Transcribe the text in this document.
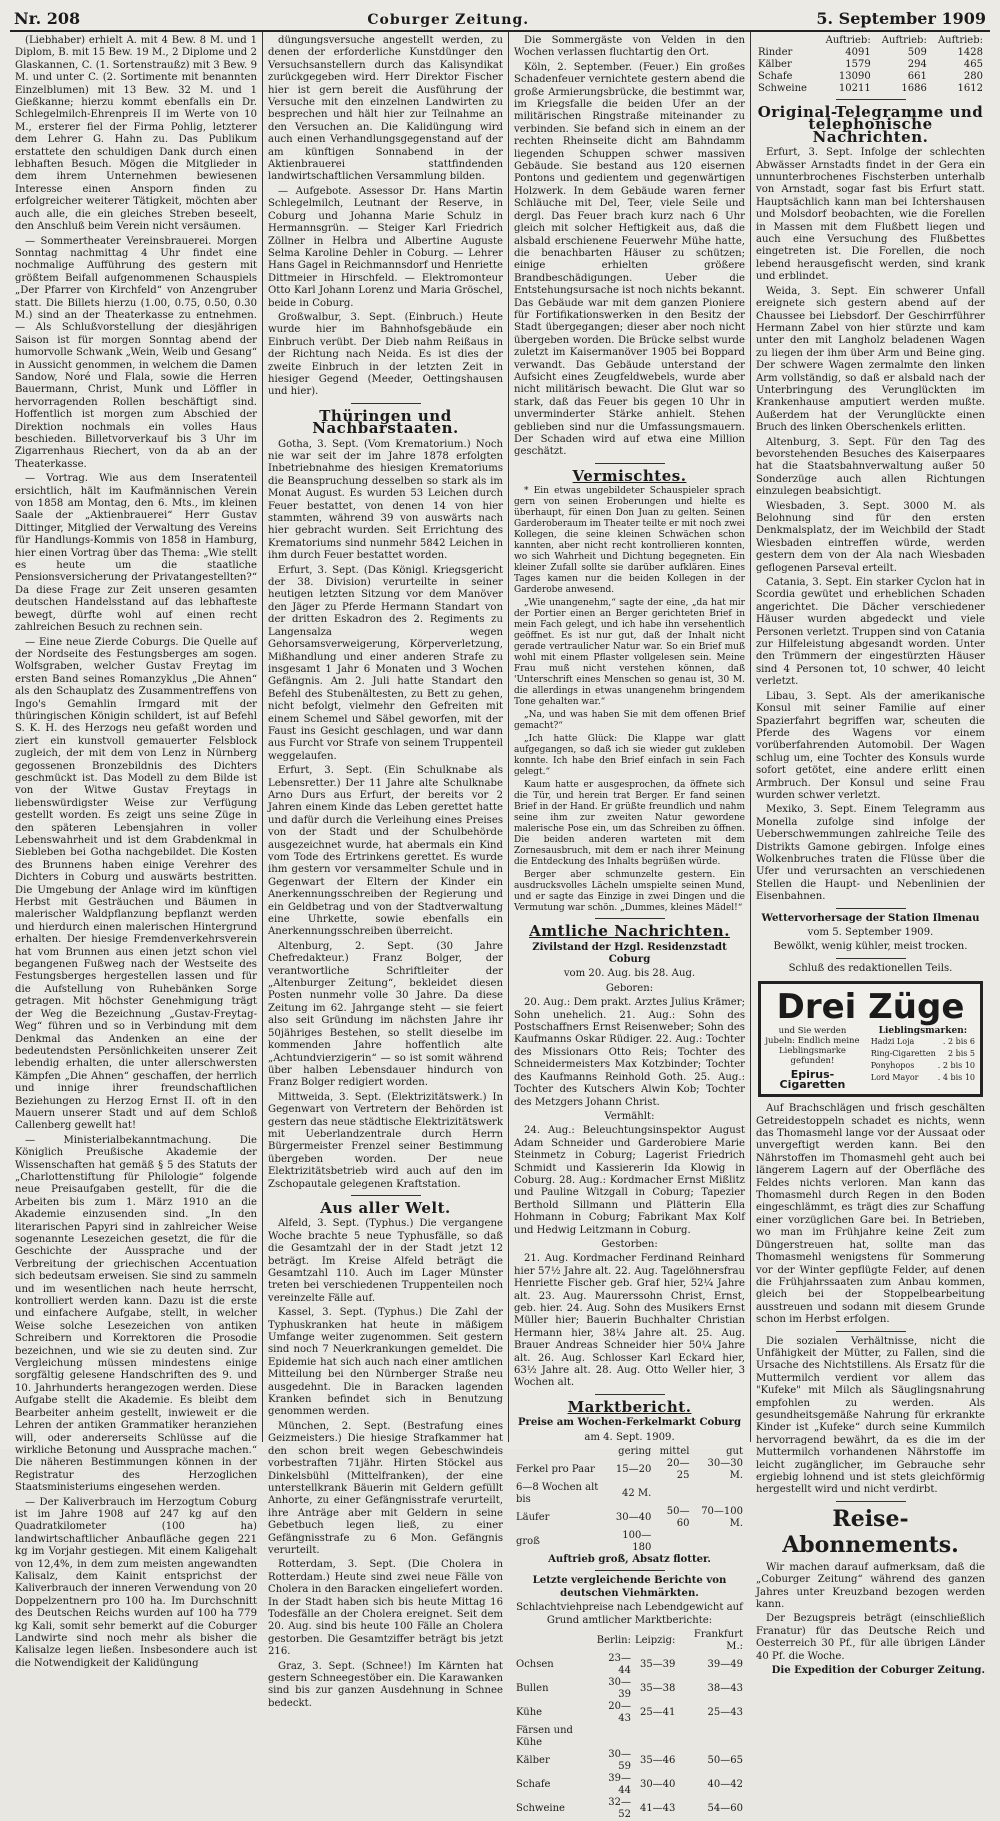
Nr. 208	Coburger Zeitung.	5. September 1909

(Liebhaber) erhielt A. mit 4 Bew. 8 M. und 1 Diplom, B. mit 15 Bew. 19 M., 2 Diplome und 2 Glaskannen, C. (1. Sortenstraußz) mit 3 Bew. 9 M. und unter C. (2. Sortimente mit benannten Einzelblumen) mit 13 Bew. 32 M. und 1 Gießkanne; hierzu kommt ebenfalls ein Dr. Schlegelmilch-Ehrenpreis II im Werte von 10 M., ersterer fiel der Firma Pohlig, letzterer dem Lehrer G. Hahn zu. Das Publikum erstattete den schuldigen Dank durch einen lebhaften Besuch. Mögen die Mitglieder in dem ihrem Unternehmen bewiesenen Interesse einen Ansporn finden zu erfolgreicher weiterer Tätigkeit, möchten aber auch alle, die ein gleiches Streben beseelt, den Anschluß beim Verein nicht versäumen.

— Sommertheater Vereinsbrauerei. Morgen Sonntag nachmittag 4 Uhr findet eine nochmalige Aufführung des gestern mit größtem Beifall aufgenommenen Schauspiels „Der Pfarrer von Kirchfeld“ von Anzengruber statt. Die Billets hierzu (1.00, 0.75, 0.50, 0.30 M.) sind an der Theaterkasse zu entnehmen. — Als Schlußvorstellung der diesjährigen Saison ist für morgen Sonntag abend der humorvolle Schwank „Wein, Weib und Gesang“ in Aussicht genommen, in welchem die Damen Sandow, Noré und Flala, sowie die Herren Bauermann, Christ, Munk und Löffler in hervorragenden Rollen beschäftigt sind. Hoffentlich ist morgen zum Abschied der Direktion nochmals ein volles Haus beschieden. Billetvorverkauf bis 3 Uhr im Zigarrenhaus Riechert, von da ab an der Theaterkasse.

— Vortrag. Wie aus dem Inseratenteil ersichtlich, hält im Kaufmännischen Verein von 1858 am Montag, den 6. Mts., im kleinen Saale der „Aktienbrauerei“ Herr Gustav Dittinger, Mitglied der Verwaltung des Vereins für Handlungs-Kommis von 1858 in Hamburg, hier einen Vortrag über das Thema: „Wie stellt es heute um die staatliche Pensionsversicherung der Privatangestellten?“ Da diese Frage zur Zeit unseren gesamten deutschen Handelsstand auf das lebhafteste bewegt, dürfte wohl auf einen recht zahlreichen Besuch zu rechnen sein.

— Eine neue Zierde Coburgs. Die Quelle auf der Nordseite des Festungsberges am sogen. Wolfsgraben, welcher Gustav Freytag im ersten Band seines Romanzyklus „Die Ahnen“ als den Schauplatz des Zusammentreffens von Ingo's Gemahlin Irmgard mit der thüringischen Königin schildert, ist auf Befehl S. K. H. des Herzogs neu gefaßt worden und ziert ein kunstvoll gemauerter Felsblock zugleich, der mit dem von Lenz in Nürnberg gegossenen Bronzebildnis des Dichters geschmückt ist. Das Modell zu dem Bilde ist von der Witwe Gustav Freytags in liebenswürdigster Weise zur Verfügung gestellt worden. Es zeigt uns seine Züge in den späteren Lebensjahren in voller Lebenswahrheit und ist dem Grabdenkmal in Siebleben bei Gotha nachgebildet. Die Kosten des Brunnens haben einige Verehrer des Dichters in Coburg und auswärts bestritten. Die Umgebung der Anlage wird im künftigen Herbst mit Gesträuchen und Bäumen in malerischer Waldpflanzung bepflanzt werden und hierdurch einen malerischen Hintergrund erhalten. Der hiesige Fremdenverkehrsverein hat vom Brunnen aus einen jetzt schon viel begangenen Fußweg nach der Westseite des Festungsberges hergestellen lassen und für die Aufstellung von Ruhebänken Sorge getragen. Mit höchster Genehmigung trägt der Weg die Bezeichnung „Gustav-Freytag-Weg“ führen und so in Verbindung mit dem Denkmal das Andenken an eine der bedeutendsten Persönlichkeiten unserer Zeit lebendig erhalten, die unter allerschwersten Kämpfen „Die Ahnen“ geschaffen, der herrlich und innige ihrer freundschaftlichen Beziehungen zu Herzog Ernst II. oft in den Mauern unserer Stadt und auf dem Schloß Callenberg gewellt hat!

— Ministerialbekanntmachung. Die Königlich Preußische Akademie der Wissenschaften hat gemäß § 5 des Statuts der „Charlottenstiftung für Philologie“ folgende neue Preisaufgaben gestellt, für die die Arbeiten bis zum 1. März 1910 an die Akademie einzusenden sind. „In den literarischen Papyri sind in zahlreicher Weise sogenannte Lesezeichen gesetzt, die für die Geschichte der Aussprache und der Verbreitung der griechischen Accentuation sich bedeutsam erweisen. Sie sind zu sammeln und im wesentlichen nach heute herrscht, kontrolliert werden kann. Dazu ist die erste und einfachere Aufgabe, stellt, in welcher Weise solche Lesezeichen von antiken Schreibern und Korrektoren die Prosodie bezeichnen, und wie sie zu deuten sind. Zur Vergleichung müssen mindestens einige sorgfältig gelesene Handschriften des 9. und 10. Jahrhunderts herangezogen werden. Diese Aufgabe stellt die Akademie. Es bleibt dem Bearbeiter anheim gestellt, inwieweit er die Lehren der antiken Grammatiker heranziehen will, oder andererseits Schlüsse auf die wirkliche Betonung und Aussprache machen.“ Die näheren Bestimmungen können in der Registratur des Herzoglichen Staatsministeriums eingesehen werden.

— Der Kaliverbrauch im Herzogtum Coburg ist im Jahre 1908 auf 247 kg auf den Quadratkilometer (100 ha) landwirtschaftlicher Anbaufläche gegen 221 kg im Vorjahr gestiegen. Mit einem Kaligehalt von 12,4%, in dem zum meisten angewandten Kalisalz, dem Kainit entsprichst der Kaliverbrauch der inneren Verwendung von 20 Doppelzentnern pro 100 ha. Im Durchschnitt des Deutschen Reichs wurden auf 100 ha 779 kg Kali, somit sehr bemerkt auf die Coburger Landwirte sind noch mehr als bisher die Kalisalze legen ließen. Insbesondere auch ist die Notwendigkeit der Kalidüngung

düngungsversuche angestellt werden, zu denen der erforderliche Kunstdünger den Versuchsanstellern durch das Kalisyndikat zurückgegeben wird. Herr Direktor Fischer hier ist gern bereit die Ausführung der Versuche mit den einzelnen Landwirten zu besprechen und hält hier zur Teilnahme an den Versuchen an. Die Kalidüngung wird auch einen Verhandlungsgegenstand auf der am künftigen Sonnabend in der Aktienbrauerei stattfindenden landwirtschaftlichen Versammlung bilden.

— Aufgebote. Assessor Dr. Hans Martin Schlegelmilch, Leutnant der Reserve, in Coburg und Johanna Marie Schulz in Hermannsgrün. — Steiger Karl Friedrich Zöllner in Helbra und Albertine Auguste Selma Karoline Dehler in Coburg. — Lehrer Hans Gagel in Reichmannsdorf und Henriette Dittmeier in Hirschfeld. — Elektromonteur Otto Karl Johann Lorenz und Maria Gröschel, beide in Coburg.

Großwalbur, 3. Sept. (Einbruch.) Heute wurde hier im Bahnhofsgebäude ein Einbruch verübt. Der Dieb nahm Reißaus in der Richtung nach Neida. Es ist dies der zweite Einbruch in der letzten Zeit in hiesiger Gegend (Meeder, Oettingshausen und hier).

Thüringen und Nachbarstaaten.

Gotha, 3. Sept. (Vom Krematorium.) Noch nie war seit der im Jahre 1878 erfolgten Inbetriebnahme des hiesigen Krematoriums die Beanspruchung desselben so stark als im Monat August. Es wurden 53 Leichen durch Feuer bestattet, von denen 14 von hier stammten, während 39 von auswärts nach hier gebracht wurden. Seit Errichtung des Krematoriums sind nunmehr 5842 Leichen in ihm durch Feuer bestattet worden.

Erfurt, 3. Sept. (Das Königl. Kriegsgericht der 38. Division) verurteilte in seiner heutigen letzten Sitzung vor dem Manöver den Jäger zu Pferde Hermann Standart von der dritten Eskadron des 2. Regiments zu Langensalza wegen Gehorsamsverweigerung, Körperverletzung, Mißhandlung und einer anderen Strafe zu insgesamt 1 Jahr 6 Monaten und 3 Wochen Gefängnis. Am 2. Juli hatte Standart den Befehl des Stubenältesten, zu Bett zu gehen, nicht befolgt, vielmehr den Gefreiten mit einem Schemel und Säbel geworfen, mit der Faust ins Gesicht geschlagen, und war dann aus Furcht vor Strafe von seinem Truppenteil weggelaufen.

Erfurt, 3. Sept. (Ein Schulknabe als Lebensretter.) Der 11 Jahre alte Schulknabe Arno Durs aus Erfurt, der bereits vor 2 Jahren einem Kinde das Leben gerettet hatte und dafür durch die Verleihung eines Preises von der Stadt und der Schulbehörde ausgezeichnet wurde, hat abermals ein Kind vom Tode des Ertrinkens gerettet. Es wurde ihm gestern vor versammelter Schule und in Gegenwart der Eltern der Kinder ein Anerkennungsschreiben der Regierung und ein Geldbetrag und von der Stadtverwaltung eine Uhrkette, sowie ebenfalls ein Anerkennungsschreiben überreicht.

Altenburg, 2. Sept. (30 Jahre Chefredakteur.) Franz Bolger, der verantwortliche Schriftleiter der „Altenburger Zeitung“, bekleidet diesen Posten nunmehr volle 30 Jahre. Da diese Zeitung im 62. Jahrgange steht — sie feiert also seit Gründung im nächsten Jahre ihr 50jähriges Bestehen, so stellt dieselbe im kommenden Jahre hoffentlich alte „Achtundvierzigerin“ — so ist somit während über halben Lebensdauer hindurch von Franz Bolger redigiert worden.

Mittweida, 3. Sept. (Elektrizitätswerk.) In Gegenwart von Vertretern der Behörden ist gestern das neue städtische Elektrizitätswerk mit Ueberlandzentrale durch Herrn Bürgermeister Frenzel seiner Bestimmung übergeben worden. Der neue Elektrizitätsbetrieb wird auch auf den im Zschopautale gelegenen Kraftstation.

Aus aller Welt.

Alfeld, 3. Sept. (Typhus.) Die vergangene Woche brachte 5 neue Typhusfälle, so daß die Gesamtzahl der in der Stadt jetzt 12 beträgt. Im Kreise Alfeld beträgt die Gesamtzahl 110. Auch im Lager Münster treten bei verschiedenen Truppenteilen noch vereinzelte Fälle auf.

Kassel, 3. Sept. (Typhus.) Die Zahl der Typhuskranken hat heute in mäßigem Umfange weiter zugenommen. Seit gestern sind noch 7 Neuerkrankungen gemeldet. Die Epidemie hat sich auch nach einer amtlichen Mitteilung bei den Nürnberger Straße neu ausgedehnt. Die in Baracken lagenden Kranken befindet sich in Benutzung genommen werden.

München, 2. Sept. (Bestrafung eines Geizmeisters.) Die hiesige Strafkammer hat den schon breit wegen Gebeschwindeis vorbestraften 71jähr. Hirten Stöckel aus Dinkelsbühl (Mittelfranken), der eine unterstellkrank Bäuerin mit Geldern gefüllt Anhorte, zu einer Gefängnisstrafe verurteilt, ihre Anträge aber mit Geldern in seine Gebetbuch legen ließ, zu einer Gefängnisstrafe zu 6 Mon. Gefängnis verurteilt.

Rotterdam, 3. Sept. (Die Cholera in Rotterdam.) Heute sind zwei neue Fälle von Cholera in den Baracken eingeliefert worden. In der Stadt haben sich bis heute Mittag 16 Todesfälle an der Cholera ereignet. Seit dem 20. Aug. sind bis heute 100 Fälle an Cholera gestorben. Die Gesamtziffer beträgt bis jetzt 216.

Graz, 3. Sept. (Schnee!) Im Kärnten hat gestern Schneegestöber ein. Die Karawanken sind bis zur ganzen Ausdehnung in Schnee bedeckt.

Die Sommergäste von Velden in den Wochen verlassen fluchtartig den Ort.

Köln, 2. September. (Feuer.) Ein großes Schadenfeuer vernichtete gestern abend die große Armierungsbrücke, die bestimmt war, im Kriegsfalle die beiden Ufer an der militärischen Ringstraße miteinander zu verbinden. Sie befand sich in einem an der rechten Rheinseite dicht am Bahndamm liegenden Schuppen schwer massiven Gebäude. Sie bestand aus 120 eisernen Pontons und gedientem und gegenwärtigen Holzwerk. In dem Gebäude waren ferner Schläuche mit Del, Teer, viele Seile und dergl. Das Feuer brach kurz nach 6 Uhr gleich mit solcher Heftigkeit aus, daß die alsbald erschienene Feuerwehr Mühe hatte, die benachbarten Häuser zu schützen; einige erhielten größere Brandbeschädigungen. Ueber die Entstehungsursache ist noch nichts bekannt. Das Gebäude war mit dem ganzen Pioniere für Fortifikationswerken in den Besitz der Stadt übergegangen; dieser aber noch nicht übergeben worden. Die Brücke selbst wurde zuletzt im Kaisermanöver 1905 bei Boppard verwandt. Das Gebäude unterstand der Aufsicht eines Zeugfeldwebels, wurde aber nicht militärisch bewacht. Die Glut war so stark, daß das Feuer bis gegen 10 Uhr in unverminderter Stärke anhielt. Stehen geblieben sind nur die Umfassungsmauern. Der Schaden wird auf etwa eine Million geschätzt.

Vermischtes.

* Ein etwas ungebildeter Schauspieler sprach gern von seinen Eroberungen und hielte es überhaupt, für einen Don Juan zu gelten. Seinen Garderoberaum im Theater teilte er mit noch zwei Kollegen, die seine kleinen Schwächen schon kannten, aber nicht recht kontrollieren konnten, wo sich Wahrheit und Dichtung begegneten. Ein kleiner Zufall sollte sie darüber aufklären. Eines Tages kamen nur die beiden Kollegen in der Garderobe anwesend.

„Wie unangenehm,“ sagte der eine, „da hat mir der Portier einen an Berger gerichteten Brief in mein Fach gelegt, und ich habe ihn versehentlich geöffnet. Es ist nur gut, daß der Inhalt nicht gerade vertraulicher Natur war. So ein Brief muß wohl mit einem Pflaster vollgelesen sein. Meine Frau muß nicht verstehen können, daß 'Unterschrift eines Menschen so genau ist, 30 M. die allerdings in etwas unangenehm bringendem Tone gehalten war.“

„Na, und was haben Sie mit dem offenen Brief gemacht?“

„Ich hatte Glück: Die Klappe war glatt aufgegangen, so daß ich sie wieder gut zukleben konnte. Ich habe den Brief einfach in sein Fach gelegt.“

Kaum hatte er ausgesprochen, da öffnete sich die Tür, und herein trat Berger. Er fand seinen Brief in der Hand. Er grüßte freundlich und nahm seine ihm zur zweiten Natur gewordene malerische Pose ein, um das Schreiben zu öffnen. Die beiden anderen warteten mit dem Zornesausbruch, mit dem er nach ihrer Meinung die Entdeckung des Inhalts begrüßen würde.

Berger aber schmunzelte gestern. Ein ausdrucksvolles Lächeln umspielte seinen Mund, und er sagte das Einzige in zwei Dingen und die Vermutung war schön. „Dummes, kleines Mädel!“

Amtliche Nachrichten.

Zivilstand der Hzgl. Residenzstadt Coburg

vom 20. Aug. bis 28. Aug.

Geboren:

20. Aug.: Dem prakt. Arztes Julius Krämer; Sohn unehelich. 21. Aug.: Sohn des Postschaffners Ernst Reisenweber; Sohn des Kaufmanns Oskar Rüdiger. 22. Aug.: Tochter des Missionars Otto Reis; Tochter des Schneidermeisters Max Kotzbinder; Tochter des Kaufmanns Reinhold Goth. 25. Aug.: Tochter des Kutschers Alwin Kob; Tochter des Metzgers Johann Christ.

Vermählt:

24. Aug.: Beleuchtungsinspektor August Adam Schneider und Garderobiere Marie Steinmetz in Coburg; Lagerist Friedrich Schmidt und Kassiererin Ida Klowig in Coburg. 28. Aug.: Kordmacher Ernst Mißlitz und Pauline Witzgall in Coburg; Tapezier Berthold Sillmann und Plätterin Ella Hohmann in Coburg; Fabrikant Max Kolf und Hedwig Leitzmann in Coburg.

Gestorben:

21. Aug. Kordmacher Ferdinand Reinhard hier 57½ Jahre alt. 22. Aug. Tagelöhnersfrau Henriette Fischer geb. Graf hier, 52¼ Jahre alt. 23. Aug. Maurerssohn Christ, Ernst, geb. hier. 24. Aug. Sohn des Musikers Ernst Müller hier; Bauerin Buchhalter Christian Hermann hier, 38¼ Jahre alt. 25. Aug. Brauer Andreas Schneider hier 50¼ Jahre alt. 26. Aug. Schlosser Karl Eckard hier, 63½ Jahre alt. 28. Aug. Otto Weller hier, 3 Wochen alt.

Marktbericht.

Preise am Wochen-Ferkelmarkt Coburg

am 4. Sept. 1909.

	gering	mittel	gut
Ferkel pro Paar	15—20	20—25	30—30 M.
6—8 Wochen alt bis	42 M.		
Läufer	30—40	50—60	70—100 M.
groß	100—180		

Auftrieb groß, Absatz flotter.

Letzte vergleichende Berichte von deutschen Viehmärkten.

Schlachtviehpreise nach Lebendgewicht auf Grund amtlicher Marktberichte:

	Berlin:	Leipzig:	Frankfurt M.:
Ochsen	23—44	35—39	39—49
Bullen	30—39	35—38	38—43
Kühe	20—43	25—41	25—43
Färsen und Kühe			
Kälber	30—59	35—46	50—65
Schafe	39—44	30—40	40—42
Schweine	32—52	41—43	54—60
	Auftrieb:	Auftrieb:	Auftrieb:
Rinder	4091	509	1428
Kälber	1579	294	465
Schafe	13090	661	280
Schweine	10211	1686	1612
Original-Telegramme und telephonische Nachrichten.

Erfurt, 3. Sept. Infolge der schlechten Abwässer Arnstadts findet in der Gera ein unnunterbrochenes Fischsterben unterhalb von Arnstadt, sogar fast bis Erfurt statt. Hauptsächlich kann man bei Ichtershausen und Molsdorf beobachten, wie die Forellen in Massen mit dem Flußbett liegen und auch eine Versuchung des Flußbettes eingetreten ist. Die Forellen, die noch lebend herausgefischt werden, sind krank und erblindet.

Weida, 3. Sept. Ein schwerer Unfall ereignete sich gestern abend auf der Chaussee bei Liebsdorf. Der Geschirrführer Hermann Zabel von hier stürzte und kam unter den mit Langholz beladenen Wagen zu liegen der ihm über Arm und Beine ging. Der schwere Wagen zermalmte den linken Arm vollständig, so daß er alsbald nach der Unterbringung des Verunglückten im Krankenhause amputiert werden mußte. Außerdem hat der Verunglückte einen Bruch des linken Oberschenkels erlitten.

Altenburg, 3. Sept. Für den Tag des bevorstehenden Besuches des Kaiserpaares hat die Staatsbahnverwaltung außer 50 Sonderzüge auch allen Richtungen einzulegen beabsichtigt.

Wiesbaden, 3. Sept. 3000 M. als Belohnung sind für den ersten Denkmalsplatz, der im Weichbild der Stadt Wiesbaden eintreffen würde, werden gestern dem von der Ala nach Wiesbaden geflogenen Parseval erteilt.

Catania, 3. Sept. Ein starker Cyclon hat in Scordia gewütet und erheblichen Schaden angerichtet. Die Dächer verschiedener Häuser wurden abgedeckt und viele Personen verletzt. Truppen sind von Catania zur Hilfeleistung abgesandt worden. Unter den Trümmern der eingestürzten Häuser sind 4 Personen tot, 10 schwer, 40 leicht verletzt.

Libau, 3. Sept. Als der amerikanische Konsul mit seiner Familie auf einer Spazierfahrt begriffen war, scheuten die Pferde des Wagens vor einem vorüberfahrenden Automobil. Der Wagen schlug um, eine Tochter des Konsuls wurde sofort getötet, eine andere erlitt einen Armbruch. Der Konsul und seine Frau wurden schwer verletzt.

Mexiko, 3. Sept. Einem Telegramm aus Monella zufolge sind infolge der Ueberschwemmungen zahlreiche Teile des Distrikts Gamone gebirgen. Infolge eines Wolkenbruches traten die Flüsse über die Ufer und verursachten an verschiedenen Stellen die Haupt- und Nebenlinien der Eisenbahnen.

Wettervorhersage der Station Ilmenau

vom 5. September 1909.

Bewölkt, wenig kühler, meist trocken.

Schluß des redaktionellen Teils.

Drei Züge
und Sie werden jubeln: Endlich meine Lieblingsmarke gefunden!
Epirus-Cigaretten
Lieblingsmarken:
Hadzi Loja	. 2 bis 6
Ring-Cigaretten	2 bis 5
Ponyhopos	. 2 bis 10
Lord Mayor	. 4 bis 10

Auf Brachschlägen und frisch geschälten Getreidestoppeln schadet es nichts, wenn das Thomasmehl lange vor der Aussaat oder unvergeftigt werden kann. Bei den Nährstoffen im Thomasmehl geht auch bei längerem Lagern auf der Oberfläche des Feldes nichts verloren. Man kann das Thomasmehl durch Regen in den Boden eingeschlämmt, es trägt dies zur Schaffung einer vorzüglichen Gare bei. In Betrieben, wo man im Frühjahre keine Zeit zum Düngerstreuen hat, sollte man das Thomasmehl wenigstens für Sommerung vor der Winter gepflügte Felder, auf denen die Frühjahrssaaten zum Anbau kommen, gleich bei der Stoppelbearbeitung ausstreuen und sodann mit diesem Grunde schon im Herbst erfolgen.

Die sozialen Verhältnisse, nicht die Unfähigkeit der Mütter, zu Fallen, sind die Ursache des Nichtstillens. Als Ersatz für die Muttermilch verdient vor allem das "Kufeke" mit Milch als Säuglingsnahrung empfohlen zu werden. Als gesundheitsgemäße Nahrung für erkrankte Kinder ist „Kufeke“ durch seine Kummilch hervorragend bewährt, da es die im der Muttermilch vorhandenen Nährstoffe im leicht zugänglicher, im Gebrauche sehr ergiebig lohnend und ist stets gleichförmig hergestellt wird und nicht verdirbt.

Reise-Abonnements.

Wir machen darauf aufmerksam, daß die „Coburger Zeitung“ während des ganzen Jahres unter Kreuzband bezogen werden kann.

Der Bezugspreis beträgt (einschließlich Franatur) für das Deutsche Reich und Oesterreich 30 Pf., für alle übrigen Länder 40 Pf. die Woche.

Die Expedition der Coburger Zeitung.
